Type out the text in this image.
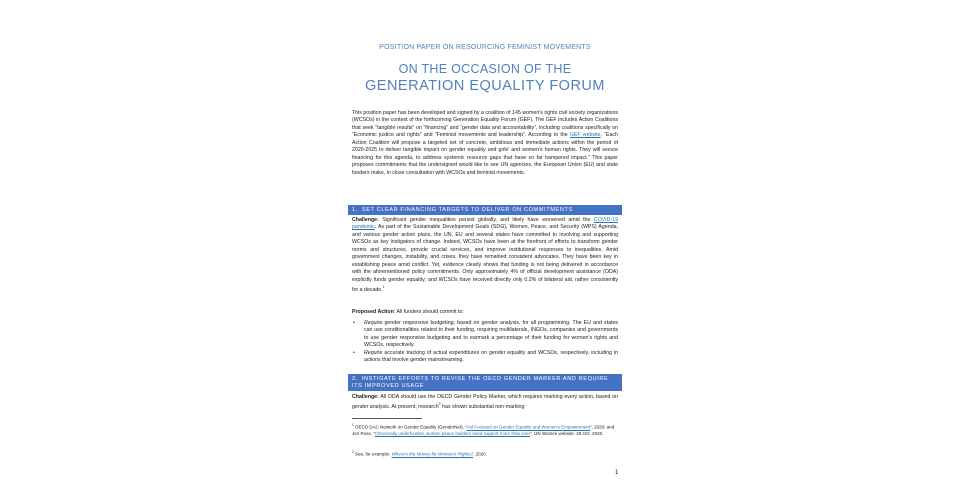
POSITION PAPER ON RESOURCING FEMINIST MOVEMENTS
ON THE OCCASION OF THE
GENERATION EQUALITY FORUM
This position paper has been developed and signed by a coalition of 145 women's rights civil society organizations (WCSOs) in the context of the forthcoming Generation Equality Forum (GEF). The GEF includes Action Coalitions that seek “tangible results” on “financing” and “gender data and accountability”, including coalitions specifically on “Economic justice and rights” and “Feminist movements and leadership”. According to the GEF website, “Each Action Coalition will propose a targeted set of concrete, ambitious and immediate actions within the period of 2020-2025 to deliver tangible impact on gender equality and girls' and women's human rights. They will secure financing for this agenda, to address systemic resource gaps that have so far hampered impact.” This paper proposes commitments that the undersigned would like to see UN agencies, the European Union (EU) and state funders make, in close consultation with WCSOs and feminist movements.
1. SET CLEAR FINANCING TARGETS TO DELIVER ON COMMITMENTS
Challenge: Significant gender inequalities persist globally, and likely have worsened amid the COVID-19 pandemic. As part of the Sustainable Development Goals (SDG), Women, Peace, and Security (WPS) Agenda, and various gender action plans, the UN, EU and several states have committed to involving and supporting WCSOs as key instigators of change. Indeed, WCSOs have been at the forefront of efforts to transform gender norms and structures, provide crucial services, and improve institutional responses to inequalities. Amid government changes, instability, and crises, they have remained consistent advocates. They have been key in establishing peace amid conflict. Yet, evidence clearly shows that funding is not being delivered in accordance with the aforementioned policy commitments. Only approximately 4% of official development assistance (ODA) explicitly funds gender equality; and WCSOs have received directly only 0.2% of bilateral aid, rather consistently for a decade.$^1$
Proposed Action: All funders should commit to:
• Require gender responsive budgeting, based on gender analysis, for all programming. The EU and states can use conditionalities related to their funding, requiring multilaterals, INGOs, companies and governments to use gender responsive budgeting and to earmark a percentage of their funding for women's rights and WCSOs, respectively.
• Require accurate tracking of actual expenditures on gender equality and WCSOs, respectively, including in actions that involve gender mainstreaming.
2. INSTIGATE EFFORTS TO REVISE THE OECD GENDER MARKER AND REQUIRE ITS IMPROVED USAGE
Challenge: All ODA should use the OECD Gender Policy Marker, which requires marking every action, based on gender analysis. At present, research$^2$ has shown substantial non-marking
$^1$ OECD DAC Network on Gender Equality (GenderNet), “Aid Focused on Gender Equality and Women's Empowerment”, 2020; and Jen Ross, “Chronically underfunded, women peace builders need support more than ever”, UN Women website, 29 Oct. 2020.
$^2$ See, for example: Where's the Money for Women's Rights?, 2020.
1
